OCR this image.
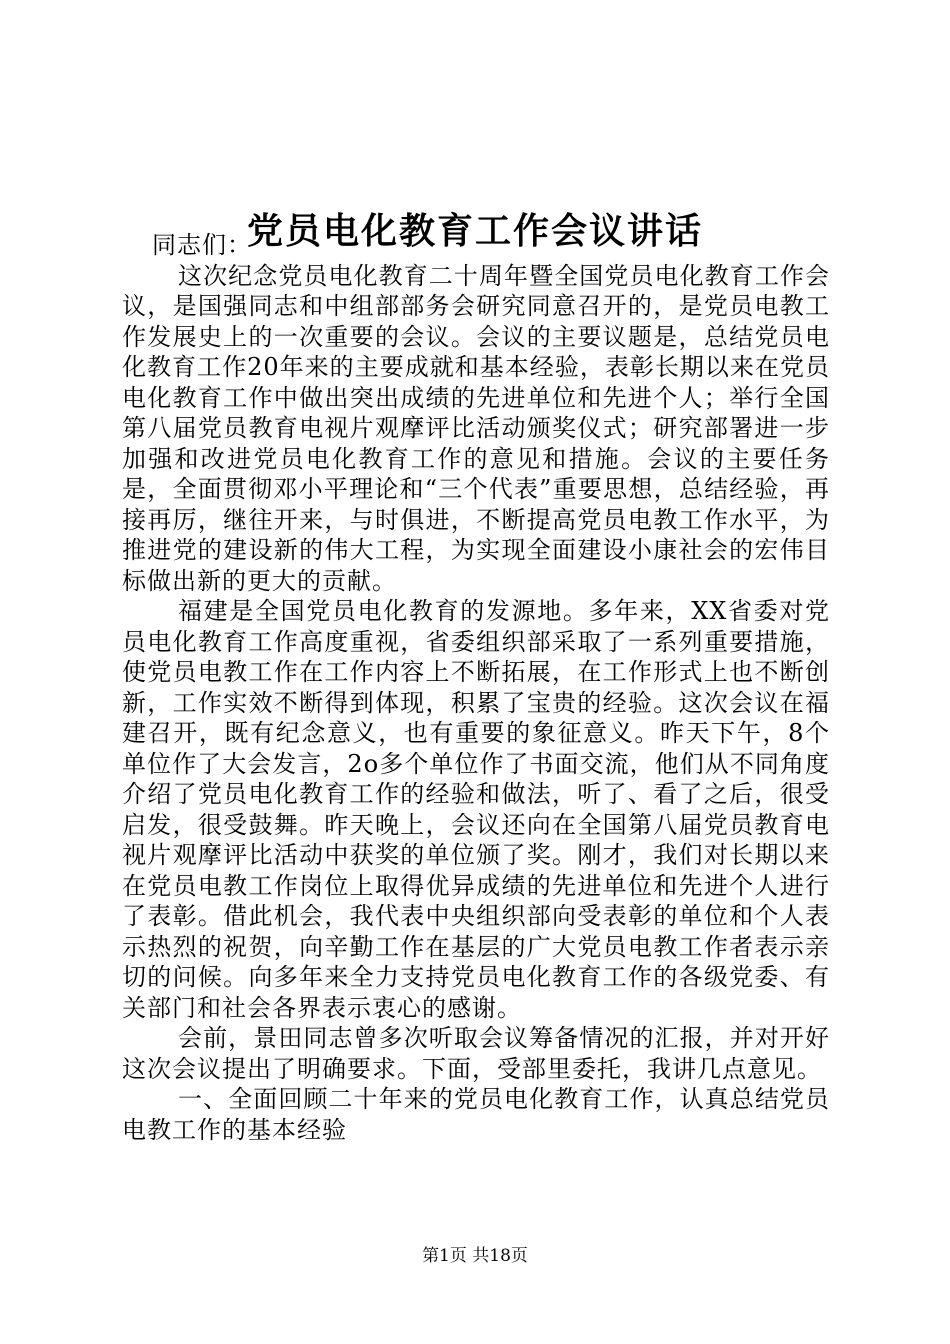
党员电化教育工作会议讲话

同志们：

这次纪念党员电化教育二十周年暨全国党员电化教育工作会议，是国强同志和中组部部务会研究同意召开的，是党员电教工作发展史上的一次重要的会议。会议的主要议题是，总结党员电化教育工作20年来的主要成就和基本经验，表彰长期以来在党员电化教育工作中做出突出成绩的先进单位和先进个人；举行全国第八届党员教育电视片观摩评比活动颁奖仪式；研究部署进一步加强和改进党员电化教育工作的意见和措施。会议的主要任务是，全面贯彻邓小平理论和“三个代表”重要思想，总结经验，再接再厉，继往开来，与时俱进，不断提高党员电教工作水平，为推进党的建设新的伟大工程，为实现全面建设小康社会的宏伟目标做出新的更大的贡献。

福建是全国党员电化教育的发源地。多年来，XX省委对党员电化教育工作高度重视，省委组织部采取了一系列重要措施，使党员电教工作在工作内容上不断拓展，在工作形式上也不断创新，工作实效不断得到体现，积累了宝贵的经验。这次会议在福建召开，既有纪念意义，也有重要的象征意义。昨天下午，8个单位作了大会发言，2o多个单位作了书面交流，他们从不同角度介绍了党员电化教育工作的经验和做法，听了、看了之后，很受启发，很受鼓舞。昨天晚上，会议还向在全国第八届党员教育电视片观摩评比活动中获奖的单位颁了奖。刚才，我们对长期以来在党员电教工作岗位上取得优异成绩的先进单位和先进个人进行了表彰。借此机会，我代表中央组织部向受表彰的单位和个人表示热烈的祝贺，向辛勤工作在基层的广大党员电教工作者表示亲切的问候。向多年来全力支持党员电化教育工作的各级党委、有关部门和社会各界表示衷心的感谢。

会前，景田同志曾多次听取会议筹备情况的汇报，并对开好这次会议提出了明确要求。下面，受部里委托，我讲几点意见。

一、全面回顾二十年来的党员电化教育工作，认真总结党员电教工作的基本经验

第1页 共18页
